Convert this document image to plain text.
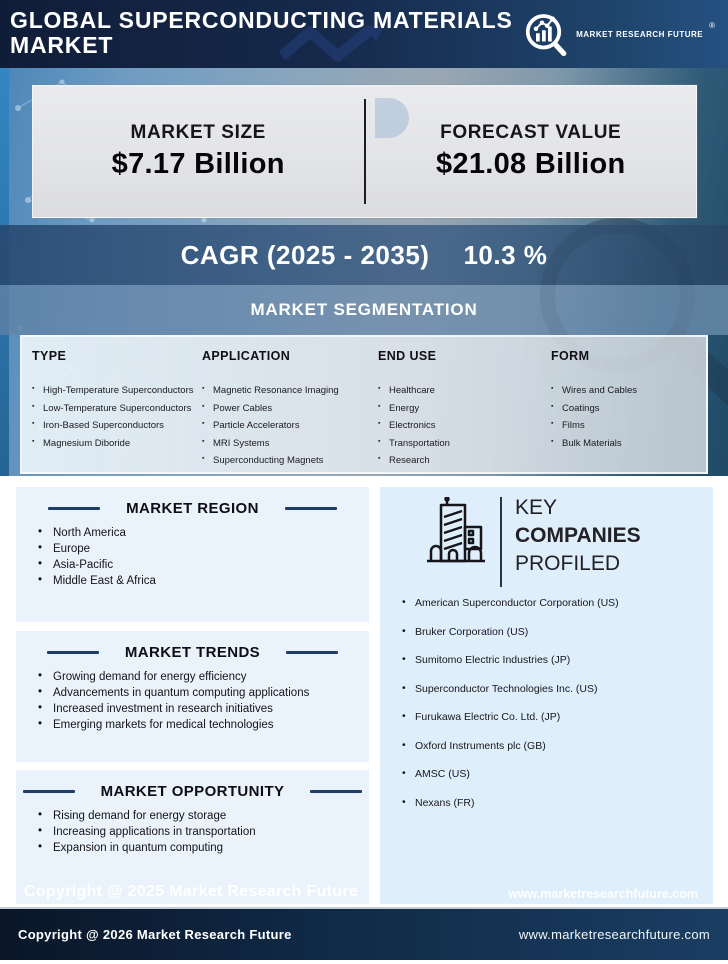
GLOBAL SUPERCONDUCTING MATERIALS MARKET	MARKET RESEARCH FUTURE
®
MARKET SIZE
$7.17 Billion
FORECAST VALUE
$21.08 Billion
CAGR (2025 - 2035) 10.3 %
MARKET SEGMENTATION
TYPE
▪ High-Temperature Superconductors
▪ Low-Temperature Superconductors
▪ Iron-Based Superconductors
▪ Magnesium Diboride
APPLICATION
▪ Magnetic Resonance Imaging
▪ Power Cables
▪ Particle Accelerators
▪ MRI Systems
▪ Superconducting Magnets
END USE
▪ Healthcare
▪ Energy
▪ Electronics
▪ Transportation
▪ Research
FORM
▪ Wires and Cables
▪ Coatings
▪ Films
▪ Bulk Materials
MARKET REGION
• North America
• Europe
• Asia-Pacific
• Middle East & Africa
MARKET TRENDS
• Growing demand for energy efficiency
• Advancements in quantum computing applications
• Increased investment in research initiatives
• Emerging markets for medical technologies
MARKET OPPORTUNITY
• Rising demand for energy storage
• Increasing applications in transportation
• Expansion in quantum computing
KEY
COMPANIES
PROFILED
• American Superconductor Corporation (US)
• Bruker Corporation (US)
• Sumitomo Electric Industries (JP)
• Superconductor Technologies Inc. (US)
• Furukawa Electric Co. Ltd. (JP)
• Oxford Instruments plc (GB)
• AMSC (US)
• Nexans (FR)
Copyright @ 2025 Market Research Future	www.marketresearchfuture.com
Copyright @ 2026 Market Research Future	www.marketresearchfuture.com
